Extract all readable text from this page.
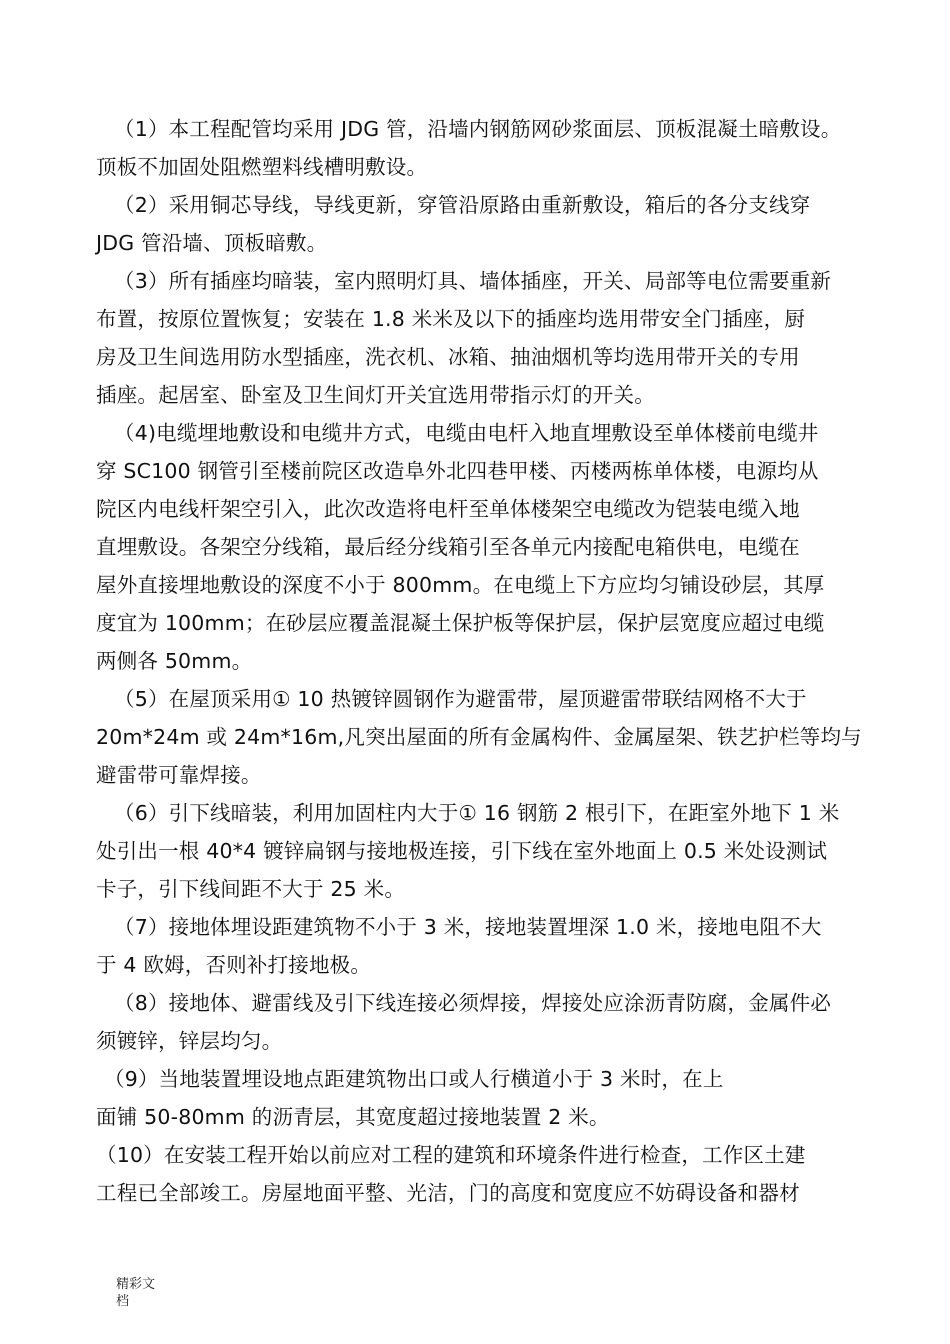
（1）本工程配管均采用 JDG 管，沿墙内钢筋网砂浆面层、顶板混凝土暗敷设。
顶板不加固处阻燃塑料线槽明敷设。
（2）采用铜芯导线，导线更新，穿管沿原路由重新敷设，箱后的各分支线穿
JDG 管沿墙、顶板暗敷。
（3）所有插座均暗装，室内照明灯具、墙体插座，开关、局部等电位需要重新
布置，按原位置恢复；安装在 1.8 米米及以下的插座均选用带安全门插座，厨
房及卫生间选用防水型插座，洗衣机、冰箱、抽油烟机等均选用带开关的专用
插座。起居室、卧室及卫生间灯开关宜选用带指示灯的开关。
（4)电缆埋地敷设和电缆井方式，电缆由电杆入地直埋敷设至单体楼前电缆井
穿 SC100 钢管引至楼前院区改造阜外北四巷甲楼、丙楼两栋单体楼，电源均从
院区内电线杆架空引入，此次改造将电杆至单体楼架空电缆改为铠装电缆入地
直埋敷设。各架空分线箱，最后经分线箱引至各单元内接配电箱供电，电缆在
屋外直接埋地敷设的深度不小于 800mm。在电缆上下方应均匀铺设砂层，其厚
度宜为 100mm；在砂层应覆盖混凝土保护板等保护层，保护层宽度应超过电缆
两侧各 50mm。
（5）在屋顶采用① 10 热镀锌圆钢作为避雷带，屋顶避雷带联结网格不大于
20m*24m 或 24m*16m,凡突出屋面的所有金属构件、金属屋架、铁艺护栏等均与
避雷带可靠焊接。
（6）引下线暗装，利用加固柱内大于① 16 钢筋 2 根引下，在距室外地下 1 米
处引出一根 40*4 镀锌扁钢与接地极连接，引下线在室外地面上 0.5 米处设测试
卡子，引下线间距不大于 25 米。
（7）接地体埋设距建筑物不小于 3 米，接地装置埋深 1.0 米，接地电阻不大
于 4 欧姆，否则补打接地极。
（8）接地体、避雷线及引下线连接必须焊接，焊接处应涂沥青防腐，金属件必
须镀锌，锌层均匀。
（9）当地装置埋设地点距建筑物出口或人行横道小于 3 米时，在上
面铺 50-80mm 的沥青层，其宽度超过接地装置 2 米。
（10）在安装工程开始以前应对工程的建筑和环境条件进行检查，工作区土建
工程已全部竣工。房屋地面平整、光洁，门的高度和宽度应不妨碍设备和器材
精彩文
档
